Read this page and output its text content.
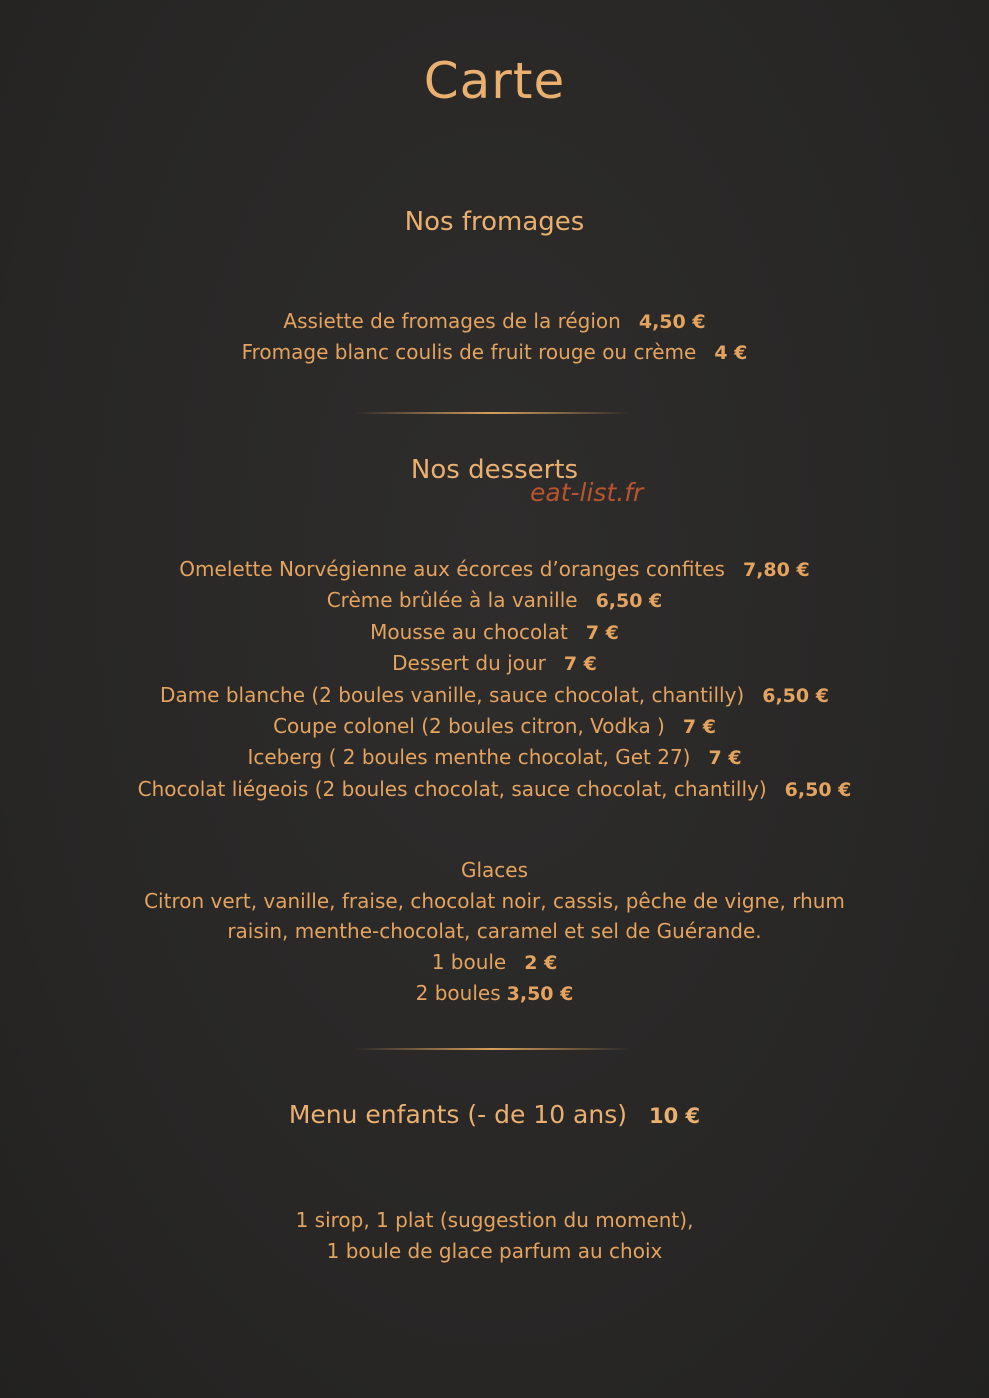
Carte
Nos fromages
Assiette de fromages de la région 4,50 €
Fromage blanc coulis de fruit rouge ou crème 4 €
Nos desserts
eat-list.fr
Omelette Norvégienne aux écorces d’oranges confites 7,80 €
Crème brûlée à la vanille 6,50 €
Mousse au chocolat 7 €
Dessert du jour 7 €
Dame blanche (2 boules vanille, sauce chocolat, chantilly) 6,50 €
Coupe colonel (2 boules citron, Vodka ) 7 €
Iceberg ( 2 boules menthe chocolat, Get 27) 7 €
Chocolat liégeois (2 boules chocolat, sauce chocolat, chantilly) 6,50 €
Glaces
Citron vert, vanille, fraise, chocolat noir, cassis, pêche de vigne, rhum
raisin, menthe-chocolat, caramel et sel de Guérande.
1 boule 2 €
2 boules 3,50 €
Menu enfants (- de 10 ans) 10 €
1 sirop, 1 plat (suggestion du moment),
1 boule de glace parfum au choix
